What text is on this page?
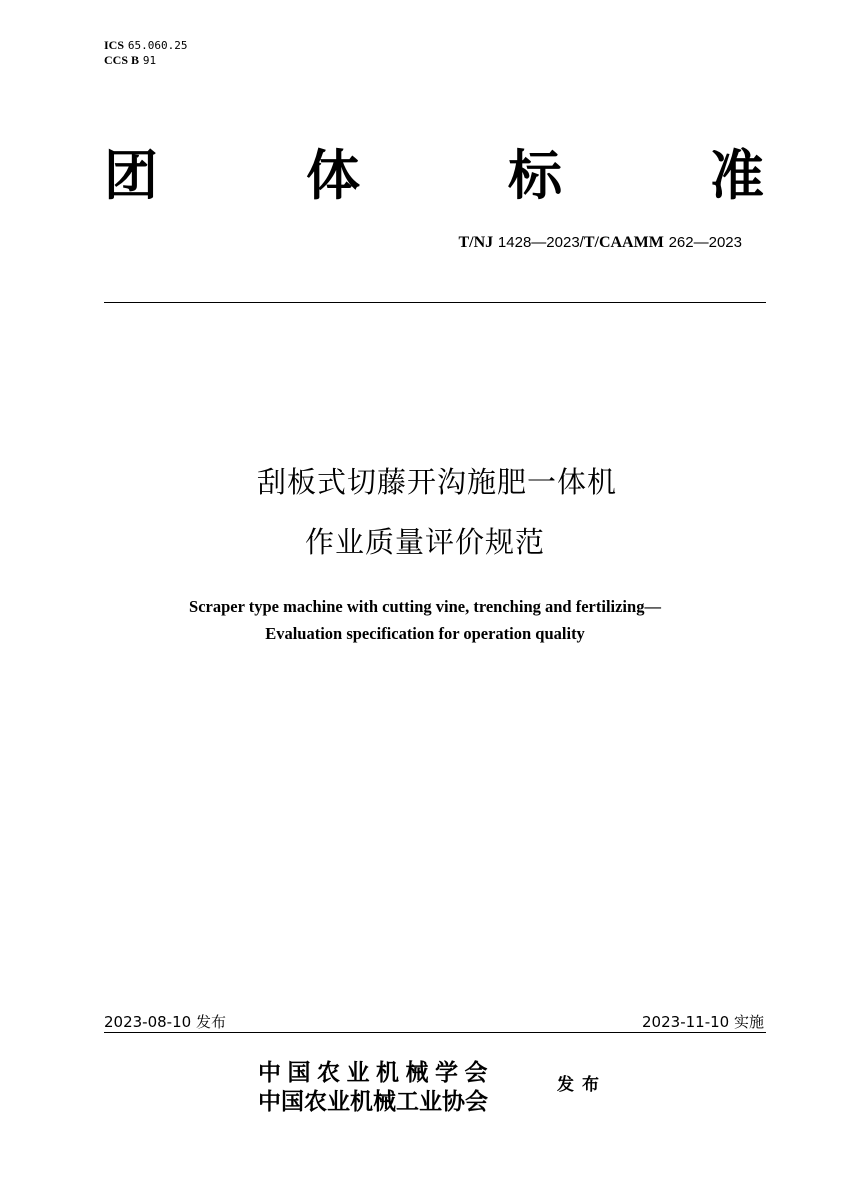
ICS 65.060.25
CCS B 91
团	体	标	准
T/NJ 1428—2023/T/CAAMM 262—2023
刮板式切藤开沟施肥一体机
作业质量评价规范
Scraper type machine with cutting vine, trenching and fertilizing—
Evaluation specification for operation quality
2023-08-10 发布	2023-11-10 实施
中国农业机械学会
中国农业机械工业协会
发布
